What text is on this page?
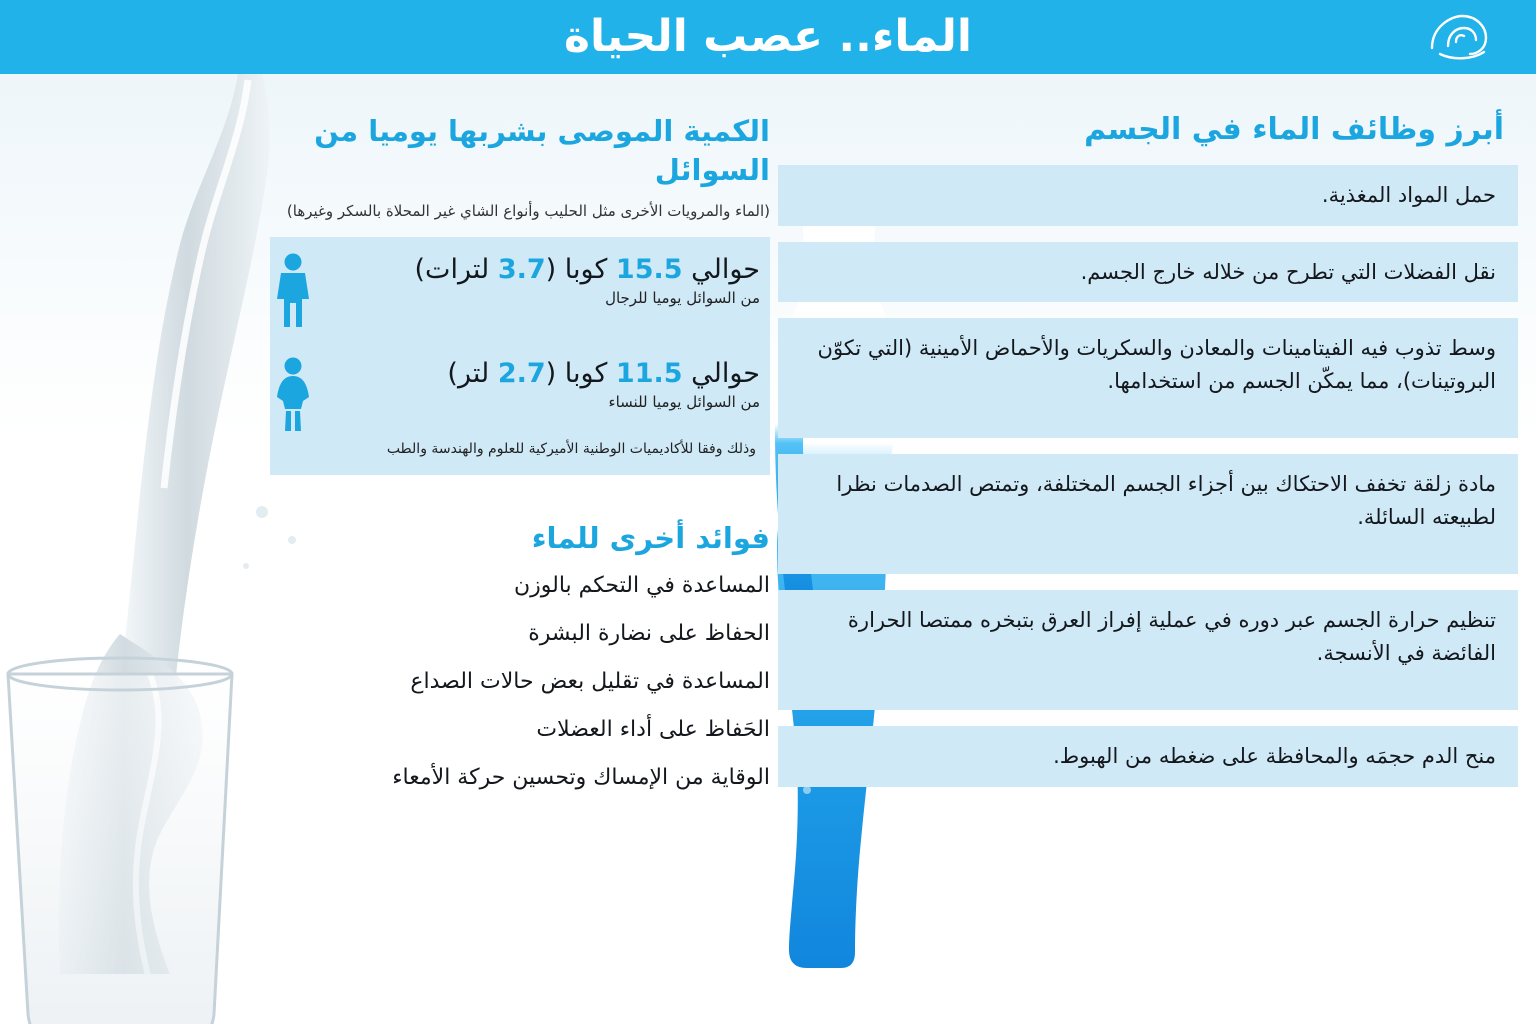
الماء.. عصب الحياة
أبرز وظائف الماء في الجسم
حمل المواد المغذية.
نقل الفضلات التي تطرح من خلاله خارج الجسم.
وسط تذوب فيه الفيتامينات والمعادن والسكريات والأحماض الأمينية (التي تكوّن البروتينات)، مما يمكّن الجسم من استخدامها.
مادة زلقة تخفف الاحتكاك بين أجزاء الجسم المختلفة، وتمتص الصدمات نظرا لطبيعته السائلة.
تنظيم حرارة الجسم عبر دوره في عملية إفراز العرق بتبخره ممتصا الحرارة الفائضة في الأنسجة.
منح الدم حجمَه والمحافظة على ضغطه من الهبوط.
الكمية الموصى بشربها يوميا من السوائل
(الماء والمرويات الأخرى مثل الحليب وأنواع الشاي غير المحلاة بالسكر وغيرها)
حوالي 15.5 كوبا (3.7 لترات)
من السوائل يوميا للرجال
حوالي 11.5 كوبا (2.7 لتر)
من السوائل يوميا للنساء
وذلك وفقا للأكاديميات الوطنية الأميركية للعلوم والهندسة والطب
فوائد أخرى للماء
المساعدة في التحكم بالوزن
الحفاظ على نضارة البشرة
المساعدة في تقليل بعض حالات الصداع
الحَفاظ على أداء العضلات
الوقاية من الإمساك وتحسين حركة الأمعاء
